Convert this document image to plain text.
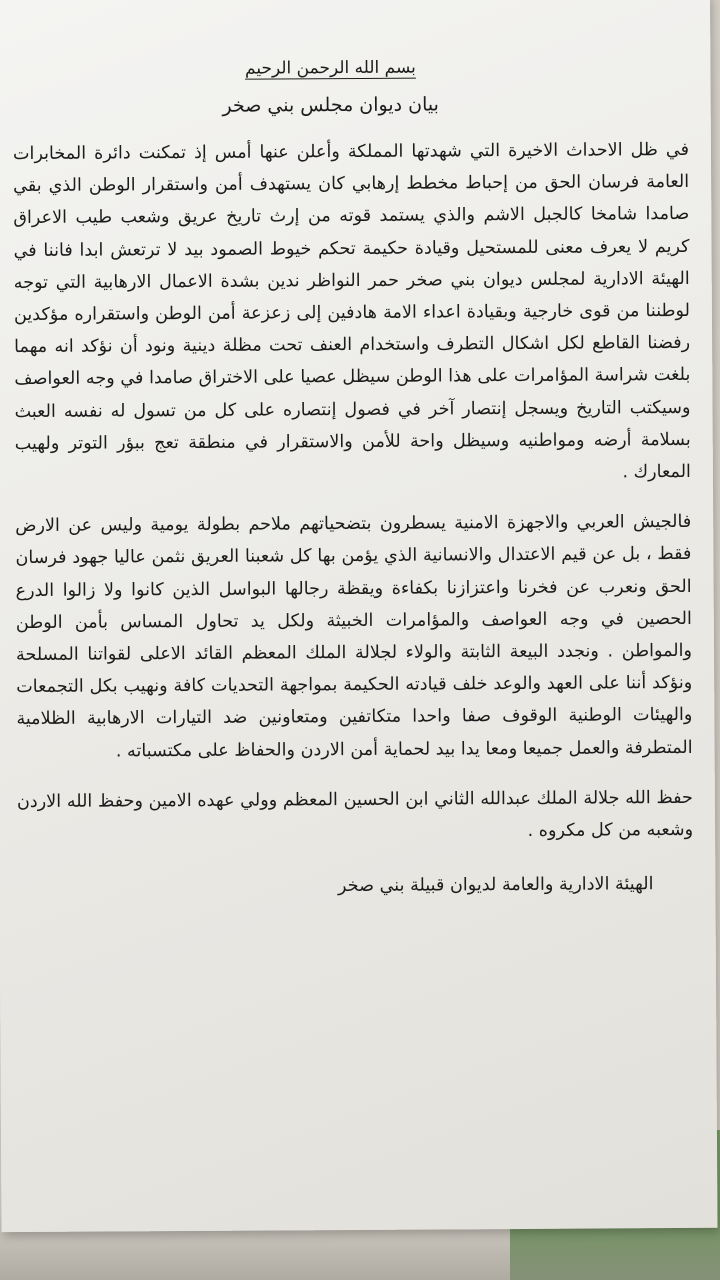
بسم الله الرحمن الرحيم
بيان ديوان مجلس بني صخر

في ظل الاحداث الاخيرة التي شهدتها المملكة وأعلن عنها أمس إذ تمكنت دائرة المخابرات العامة فرسان الحق من إحباط مخطط إرهابي كان يستهدف أمن واستقرار الوطن الذي بقي صامدا شامخا كالجبل الاشم والذي يستمد قوته من إرث تاريخ عريق وشعب طيب الاعراق كريم لا يعرف معنى للمستحيل وقيادة حكيمة تحكم خيوط الصمود بيد لا ترتعش ابدا فاننا في الهيئة الادارية لمجلس ديوان بني صخر حمر النواظر ندين بشدة الاعمال الارهابية التي توجه لوطننا من قوى خارجية وبقيادة اعداء الامة هادفين إلى زعزعة أمن الوطن واستقراره مؤكدين رفضنا القاطع لكل اشكال التطرف واستخدام العنف تحت مظلة دينية ونود أن نؤكد انه مهما بلغت شراسة المؤامرات على هذا الوطن سيظل عصيا على الاختراق صامدا في وجه العواصف وسيكتب التاريخ ويسجل إنتصار آخر في فصول إنتصاره على كل من تسول له نفسه العبث بسلامة أرضه ومواطنيه وسيظل واحة للأمن والاستقرار في منطقة تعج ببؤر التوتر ولهيب المعارك .

فالجيش العربي والاجهزة الامنية يسطرون بتضحياتهم ملاحم بطولة يومية وليس عن الارض فقط ، بل عن قيم الاعتدال والانسانية الذي يؤمن بها كل شعبنا العريق نثمن عاليا جهود فرسان الحق ونعرب عن فخرنا واعتزازنا بكفاءة ويقظة رجالها البواسل الذين كانوا ولا زالوا الدرع الحصين في وجه العواصف والمؤامرات الخبيثة ولكل يد تحاول المساس بأمن الوطن والمواطن . ونجدد البيعة الثابتة والولاء لجلالة الملك المعظم القائد الاعلى لقواتنا المسلحة ونؤكد أننا على العهد والوعد خلف قيادته الحكيمة بمواجهة التحديات كافة ونهيب بكل التجمعات والهيئات الوطنية الوقوف صفا واحدا متكاتفين ومتعاونين ضد التيارات الارهابية الظلامية المتطرفة والعمل جميعا ومعا يدا بيد لحماية أمن الاردن والحفاظ على مكتسباته .

حفظ الله جلالة الملك عبدالله الثاني ابن الحسين المعظم وولي عهده الامين وحفظ الله الاردن وشعبه من كل مكروه .

الهيئة الادارية والعامة لديوان قبيلة بني صخر
